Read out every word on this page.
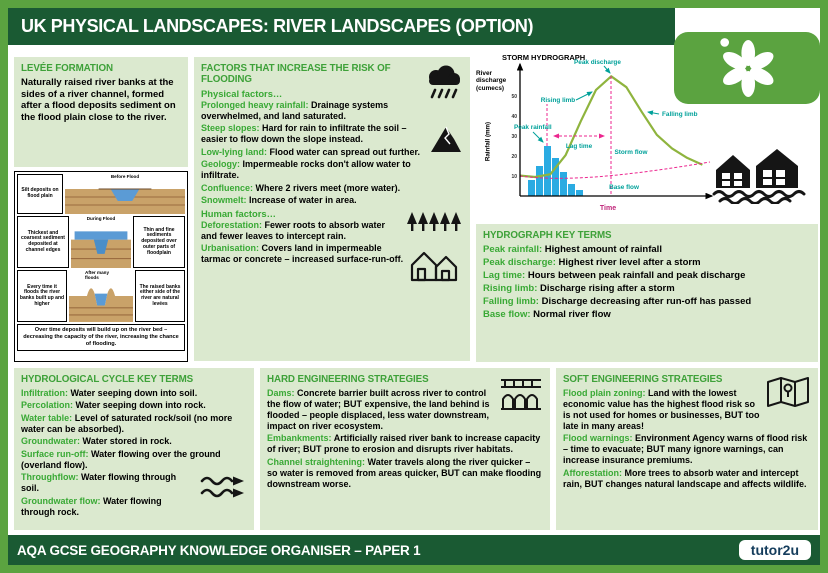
UK PHYSICAL LANDSCAPES: RIVER LANDSCAPES (OPTION)
LEVÉE FORMATION
Naturally raised river banks at the sides of a river channel, formed after a flood deposits sediment on the flood plain close to the river.
Silt deposits on flood plain
Before Flood
Thickest and coarsest sediment deposited at channel edges
During Flood
Thin and fine sediments deposited over outer parts of floodplain
Every time it floods the river banks built up and higher
After many floods
The raised banks either side of the river are natural levées
Over time deposits will build up on the river bed – decreasing the capacity of the river, increasing the chance of flooding.
FACTORS THAT INCREASE THE RISK OF FLOODING
Physical factors…
Prolonged heavy rainfall: Drainage systems overwhelmed, and land saturated.
Steep slopes: Hard for rain to infiltrate the soil – easier to flow down the slope instead.
Low-lying land: Flood water can spread out further.
Geology: Impermeable rocks don't allow water to infiltrate.
Confluence: Where 2 rivers meet (more water).
Snowmelt: Increase of water in area.
Human factors…
Deforestation: Fewer roots to absorb water and fewer leaves to intercept rain.
Urbanisation: Covers land in impermeable tarmac or concrete – increased surface-run-off.
STORM HYDROGRAPH
10
20
30
40
50
Peak discharge
Rising limb
Falling limb
Peak rainfall
Lag time
Storm flow
Base flow
Time
River discharge (cumecs)
Rainfall (mm)
HYDROGRAPH KEY TERMS
Peak rainfall: Highest amount of rainfall
Peak discharge: Highest river level after a storm
Lag time: Hours between peak rainfall and peak discharge
Rising limb: Discharge rising after a storm
Falling limb: Discharge decreasing after run-off has passed
Base flow: Normal river flow
HYDROLOGICAL CYCLE KEY TERMS
Infiltration: Water seeping down into soil.
Percolation: Water seeping down into rock.
Water table: Level of saturated rock/soil (no more water can be absorbed).
Groundwater: Water stored in rock.
Surface run-off: Water flowing over the ground (overland flow).
Throughflow: Water flowing through soil.
Groundwater flow: Water flowing through rock.
HARD ENGINEERING STRATEGIES
Dams: Concrete barrier built across river to control the flow of water; BUT expensive, the land behind is flooded – people displaced, less water downstream, impact on river ecosystem.
Embankments: Artificially raised river bank to increase capacity of river; BUT prone to erosion and disrupts river habitats.
Channel straightening: Water travels along the river quicker – so water is removed from areas quicker, BUT can make flooding downstream worse.
SOFT ENGINEERING STRATEGIES
Flood plain zoning: Land with the lowest economic value has the highest flood risk so is not used for homes or businesses, BUT too late in many areas!
Flood warnings: Environment Agency warns of flood risk – time to evacuate; BUT many ignore warnings, can increase insurance premiums.
Afforestation: More trees to absorb water and intercept rain, BUT changes natural landscape and affects wildlife.
AQA GCSE GEOGRAPHY KNOWLEDGE ORGANISER – PAPER 1	tutor2u
